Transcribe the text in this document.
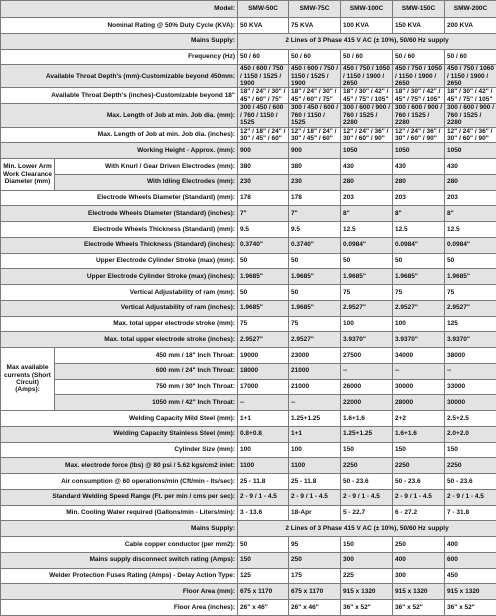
Model:		SMW-50C	SMW-75C	SMW-100C	SMW-150C	SMW-200C
Nominal Rating @ 50% Duty Cycle (KVA):		50 KVA	75 KVA	100 KVA	150 KVA	200 KVA
Mains Supply:		2 Lines of 3 Phase 415 V AC (± 10%), 50/60 Hz supply				
Frequency (Hz)		50 / 60	50 / 60	50 / 60	50 / 60	50 / 60
Available Throat Depth's (mm)-Customizable beyond 450mm:		450 / 600 / 750 / 1150 / 1525 / 1900	450 / 600 / 750 / 1150 / 1525 / 1900	450 / 750 / 1050 / 1150 / 1900 / 2650	450 / 750 / 1050 / 1150 / 1900 / 2650	450 / 750 / 1060 / 1150 / 1900 / 2650
Available Throat Depth's (inches)-Customizable beyond 18"		18" / 24" / 30" / 45" / 60" / 75"	18" / 24" / 30" / 45" / 60" / 75"	18" / 30" / 42" / 45" / 75" / 105"	18" / 30" / 42" / 45" / 75" / 105"	18" / 30" / 42" / 45" / 75" / 105"
Max. Length of Job at min. Job dia. (mm):		300 / 450 / 600 / 760 / 1150 / 1525	300 / 450 / 600 / 760 / 1150 / 1525	300 / 600 / 900 / 760 / 1525 / 2280	300 / 600 / 900 / 760 / 1525 / 2280	300 / 600 / 900 / 760 / 1525 / 2280
Max. Length of Job at min. Job dia. (inches):		12" / 18" / 24" / 30" / 45" / 60"	12" / 18" / 24" / 30" / 45" / 60"	12" / 24" / 36" / 30" / 60" / 90"	12" / 24" / 36" / 30" / 60" / 90"	12" / 24" / 36" / 30" / 60" / 90"
Working Height - Approx. (mm):		900	900	1050	1050	1050
Min. Lower Arm Work Clearance Diameter (mm)	With Knurl / Gear Driven Electrodes (mm):	380	380	430	430	430
	With Idling Electrodes (mm):	230	230	280	280	280
Electrode Wheels Diameter (Standard) (mm):		178	178	203	203	203
Electrode Wheels Diameter (Standard) (inches):		7"	7"	8"	8"	8"
Electrode Wheels Thickness (Standard) (mm):		9.5	9.5	12.5	12.5	12.5
Electrode Wheels Thickness (Standard) (inches):		0.3740"	0.3740"	0.0984"	0.0984"	0.0984"
Upper Electrode Cylinder Stroke (max) (mm):		50	50	50	50	50
Upper Electrode Cylinder Stroke (max) (inches):		1.9685"	1.9685"	1.9685"	1.9685"	1.9685"
Vertical Adjustability of ram (mm):		50	50	75	75	75
Vertical Adjustability of ram (inches):		1.9685"	1.9685"	2.9527"	2.9527"	2.9527"
Max. total upper electrode stroke (mm):		75	75	100	100	125
Max. total upper electrode stroke (inches):		2.9527"	2.9527"	3.9370"	3.9370"	3.9370"
Max available currents (Short Circuit) (Amps):	450 mm / 18" Inch Throat:	19000	23000	27500	34000	38000
	600 mm / 24" Inch Throat:	18000	21000	--	--	--
	750 mm / 30" Inch Throat:	17000	21000	26000	30000	33000
	1050 mm / 42" Inch Throat:	--	--	22000	28000	30000
Welding Capacity Mild Steel (mm):		1+1	1.25+1.25	1.6+1.6	2+2	2.5+2.5
Welding Capacity Stainless Steel (mm):		0.8+0.8	1+1	1.25+1.25	1.6+1.6	2.0+2.0
Cylinder Size (mm):		100	100	150	150	150
Max. electrode force (lbs) @ 80 psi / 5.62 kgs/cm2 inlet:		1100	1100	2250	2250	2250
Air consumption @ 60 operations/min (Cft/min - lts/sec):		25 - 11.8	25 - 11.8	50 - 23.6	50 - 23.6	50 - 23.6
Standard Welding Speed Range (Ft. per min / cms per sec):		2 - 9 / 1 - 4.5	2 - 9 / 1 - 4.5	2 - 9 / 1 - 4.5	2 - 9 / 1 - 4.5	2 - 9 / 1 - 4.5
Min. Cooling Water required (Gallons/min - Liters/min):		3 - 13.6	18-Apr	5 - 22.7	6 - 27.2	7 - 31.8
Mains Supply:		2 Lines of 3 Phase 415 V AC (± 10%), 50/60 Hz supply				
Cable copper conductor (per mm2):		50	95	150	250	400
Mains supply disconnect switch rating (Amps):		150	250	300	400	600
Welder Protection Fuses Rating (Amps) - Delay Action Type:		125	175	225	300	450
Floor Area (mm):		675 x 1170	675 x 1170	915 x 1320	915 x 1320	915 x 1320
Floor Area (inches):		26" x 46"	26" x 46"	36" x 52"	36" x 52"	36" x 52"
